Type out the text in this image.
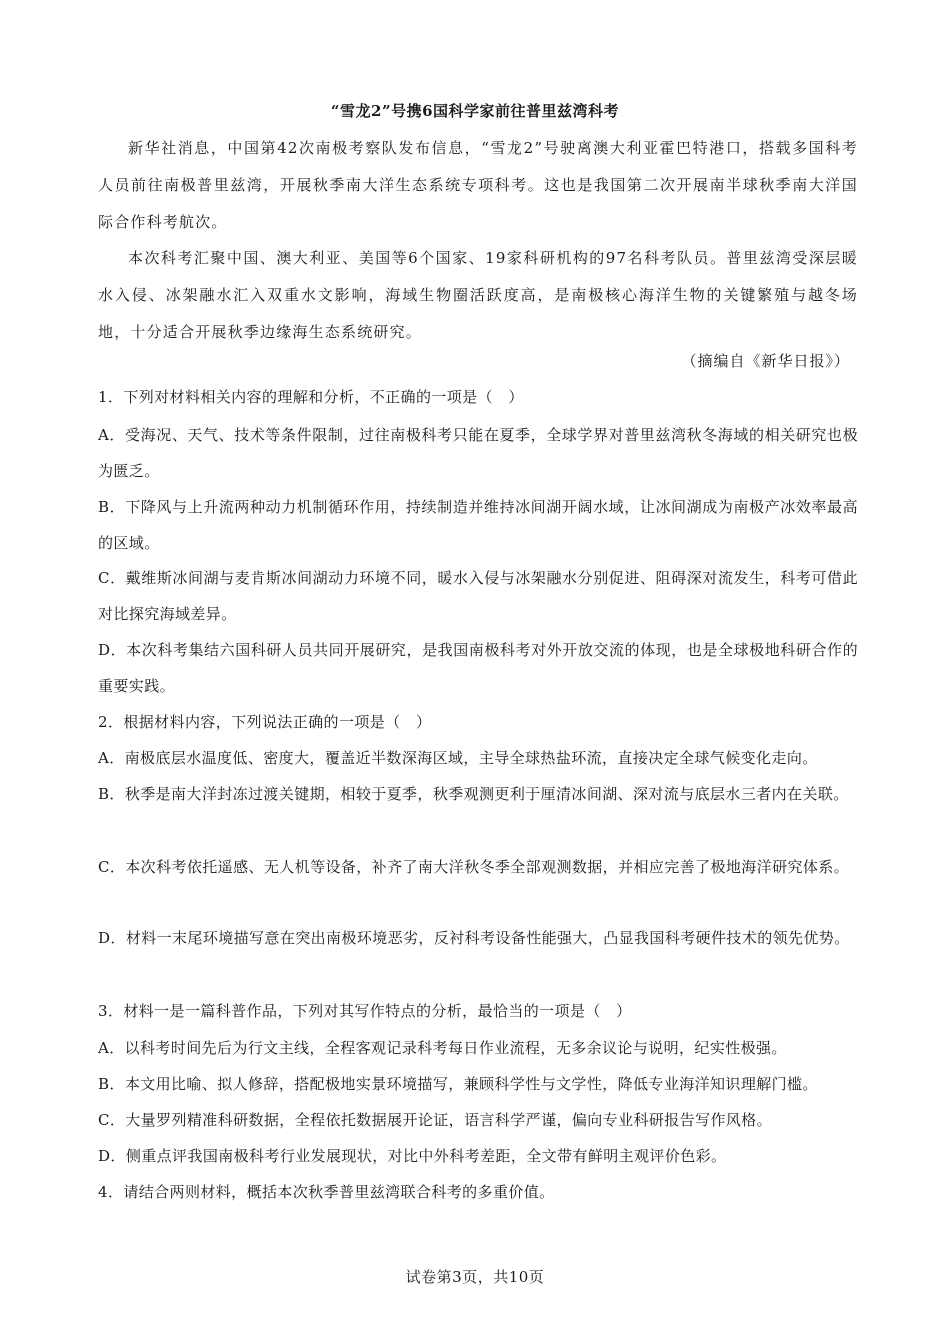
“雪龙2”号携6国科学家前往普里兹湾科考
新华社消息，中国第42次南极考察队发布信息，“雪龙2”号驶离澳大利亚霍巴特港口，搭载多国科考人员前往南极普里兹湾，开展秋季南大洋生态系统专项科考。这也是我国第二次开展南半球秋季南大洋国际合作科考航次。
本次科考汇聚中国、澳大利亚、美国等6个国家、19家科研机构的97名科考队员。普里兹湾受深层暖水入侵、冰架融水汇入双重水文影响，海域生物圈活跃度高，是南极核心海洋生物的关键繁殖与越冬场地，十分适合开展秋季边缘海生态系统研究。
（摘编自《新华日报》）
1．下列对材料相关内容的理解和分析，不正确的一项是（　）
A．受海况、天气、技术等条件限制，过往南极科考只能在夏季，全球学界对普里兹湾秋冬海域的相关研究也极为匮乏。
B．下降风与上升流两种动力机制循环作用，持续制造并维持冰间湖开阔水域，让冰间湖成为南极产冰效率最高的区域。
C．戴维斯冰间湖与麦肯斯冰间湖动力环境不同，暖水入侵与冰架融水分别促进、阻碍深对流发生，科考可借此对比探究海域差异。
D．本次科考集结六国科研人员共同开展研究，是我国南极科考对外开放交流的体现，也是全球极地科研合作的重要实践。
2．根据材料内容，下列说法正确的一项是（　）
A．南极底层水温度低、密度大，覆盖近半数深海区域，主导全球热盐环流，直接决定全球气候变化走向。
B．秋季是南大洋封冻过渡关键期，相较于夏季，秋季观测更利于厘清冰间湖、深对流与底层水三者内在关联。
C．本次科考依托遥感、无人机等设备，补齐了南大洋秋冬季全部观测数据，并相应完善了极地海洋研究体系。
D．材料一末尾环境描写意在突出南极环境恶劣，反衬科考设备性能强大，凸显我国科考硬件技术的领先优势。
3．材料一是一篇科普作品，下列对其写作特点的分析，最恰当的一项是（　）
A．以科考时间先后为行文主线，全程客观记录科考每日作业流程，无多余议论与说明，纪实性极强。
B．本文用比喻、拟人修辞，搭配极地实景环境描写，兼顾科学性与文学性，降低专业海洋知识理解门槛。
C．大量罗列精准科研数据，全程依托数据展开论证，语言科学严谨，偏向专业科研报告写作风格。
D．侧重点评我国南极科考行业发展现状，对比中外科考差距，全文带有鲜明主观评价色彩。
4．请结合两则材料，概括本次秋季普里兹湾联合科考的多重价值。
试卷第3页，共10页
